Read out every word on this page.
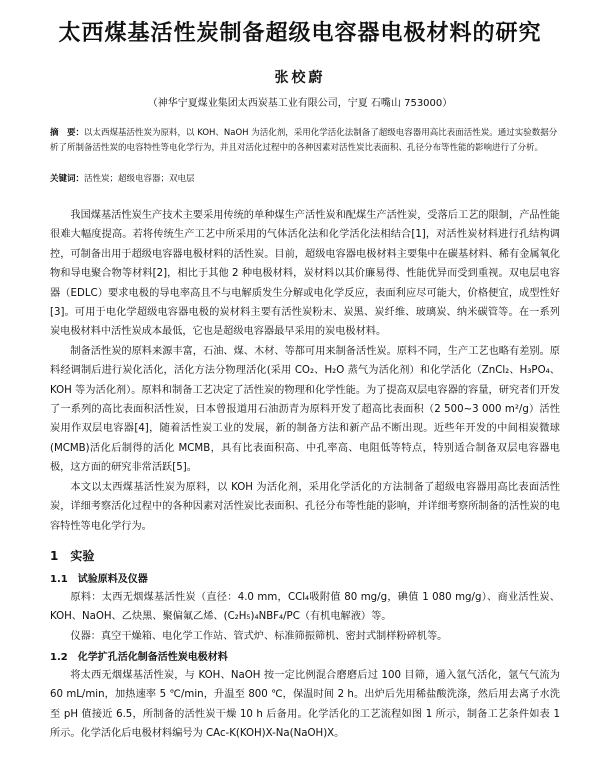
太西煤基活性炭制备超级电容器电极材料的研究
张校蔚
（神华宁夏煤业集团太西炭基工业有限公司，宁夏 石嘴山 753000）
摘　要：以太西煤基活性炭为原料，以 KOH、NaOH 为活化剂，采用化学活化法制备了超级电容器用高比表面活性炭。通过实验数据分析了所制备活性炭的电容特性等电化学行为，并且对活化过程中的各种因素对活性炭比表面积、孔径分布等性能的影响进行了分析。
关键词：活性炭；超级电容器；双电层

我国煤基活性炭生产技术主要采用传统的单种煤生产活性炭和配煤生产活性炭，受落后工艺的限制，产品性能很难大幅度提高。若将传统生产工艺中所采用的气体活化法和化学活化法相结合[1]，对活性炭材料进行孔结构调控，可制备出用于超级电容器电极材料的活性炭。目前，超级电容器电极材料主要集中在碳基材料、稀有金属氧化物和导电聚合物等材料[2]，相比于其他 2 种电极材料，炭材料以其价廉易得、性能优异而受到重视。双电层电容器（EDLC）要求电极的导电率高且不与电解质发生分解或电化学反应，表面利应尽可能大，价格便宜，成型性好[3]。可用于电化学超级电容器电极的炭材料主要有活性炭粉末、炭黑、炭纤维、玻璃炭、纳米碳管等。在一系列炭电极材料中活性炭成本最低，它也是超级电容器最早采用的炭电极材料。

制备活性炭的原料来源丰富，石油、煤、木材、等都可用来制备活性炭。原料不同，生产工艺也略有差别。原料经调制后进行炭化活化，活化方法分物理活化(采用 CO₂、H₂O 蒸气为活化剂）和化学活化（ZnCl₂、H₃PO₄、KOH 等为活化剂）。原料和制备工艺决定了活性炭的物理和化学性能。为了提高双层电容器的容量，研究者们开发了一系列的高比表面积活性炭，日本曾报道用石油沥青为原料开发了超高比表面积（2 500~3 000 m²/g）活性炭用作双层电容器[4]，随着活性炭工业的发展，新的制备方法和新产品不断出现。近些年开发的中间相炭微球(MCMB)活化后制得的活化 MCMB，具有比表面积高、中孔率高、电阻低等特点，特别适合制备双层电容器电极，这方面的研究非常活跃[5]。

本文以太西煤基活性炭为原料，以 KOH 为活化剂，采用化学活化的方法制备了超级电容器用高比表面活性炭，详细考察活化过程中的各种因素对活性炭比表面积、孔径分布等性能的影响，并详细考察所制备的活性炭的电容特性等电化学行为。

1　实验
1.1　试验原料及仪器

原料：太西无烟煤基活性炭（直径：4.0 mm，CCl₄吸附值 80 mg/g，碘值 1 080 mg/g）、商业活性炭、KOH、NaOH、乙炔黑、聚偏氟乙烯、(C₂H₅)₄NBF₄/PC（有机电解液）等。

仪器：真空干燥箱、电化学工作站、管式炉、标准筛振筛机、密封式制样粉碎机等。

1.2　化学扩孔活化制备活性炭电极材料

将太西无烟煤基活性炭，与 KOH、NaOH 按一定比例混合磨磨后过 100 目筛，通入氩气活化，氩气气流为 60 mL/min，加热速率 5 ℃/min，升温至 800 ℃，保温时间 2 h。出炉后先用稀盐酸洗涤，然后用去离子水洗至 pH 值接近 6.5，所制备的活性炭干燥 10 h 后备用。化学活化的工艺流程如图 1 所示，制备工艺条件如表 1 所示。化学活化后电极材料编号为 CAc-K(KOH)X-Na(NaOH)X。
